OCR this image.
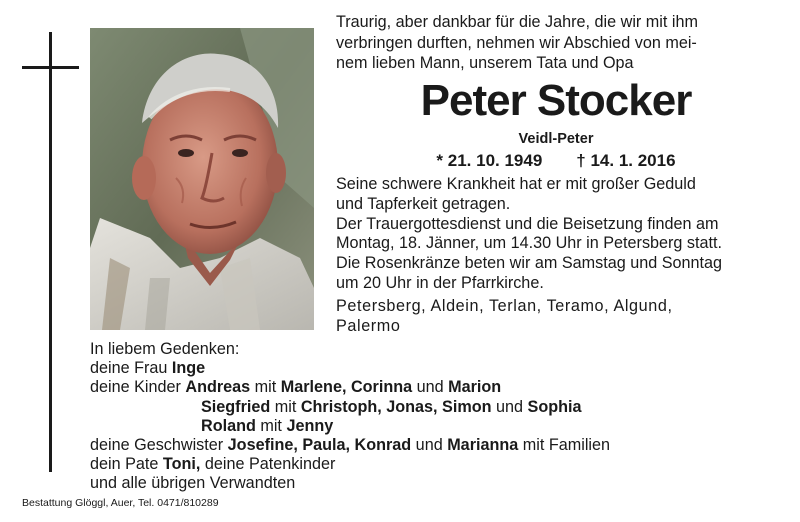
Traurig, aber dankbar für die Jahre, die wir mit ihm
verbringen durften, nehmen wir Abschied von mei-
nem lieben Mann, unserem Tata und Opa
Peter Stocker
Veidl-Peter
* 21. 10. 1949 † 14. 1. 2016
Seine schwere Krankheit hat er mit großer Geduld
und Tapferkeit getragen.
Der Trauergottesdienst und die Beisetzung finden am
Montag, 18. Jänner, um 14.30 Uhr in Petersberg statt.
Die Rosenkränze beten wir am Samstag und Sonntag
um 20 Uhr in der Pfarrkirche.
Petersberg, Aldein, Terlan, Teramo, Algund,
Palermo
In liebem Gedenken:
deine Frau Inge
deine Kinder Andreas mit Marlene, Corinna und Marion
Siegfried mit Christoph, Jonas, Simon und Sophia
Roland mit Jenny
deine Geschwister Josefine, Paula, Konrad und Marianna mit Familien
dein Pate Toni, deine Patenkinder
und alle übrigen Verwandten
Bestattung Glöggl, Auer, Tel. 0471/810289
